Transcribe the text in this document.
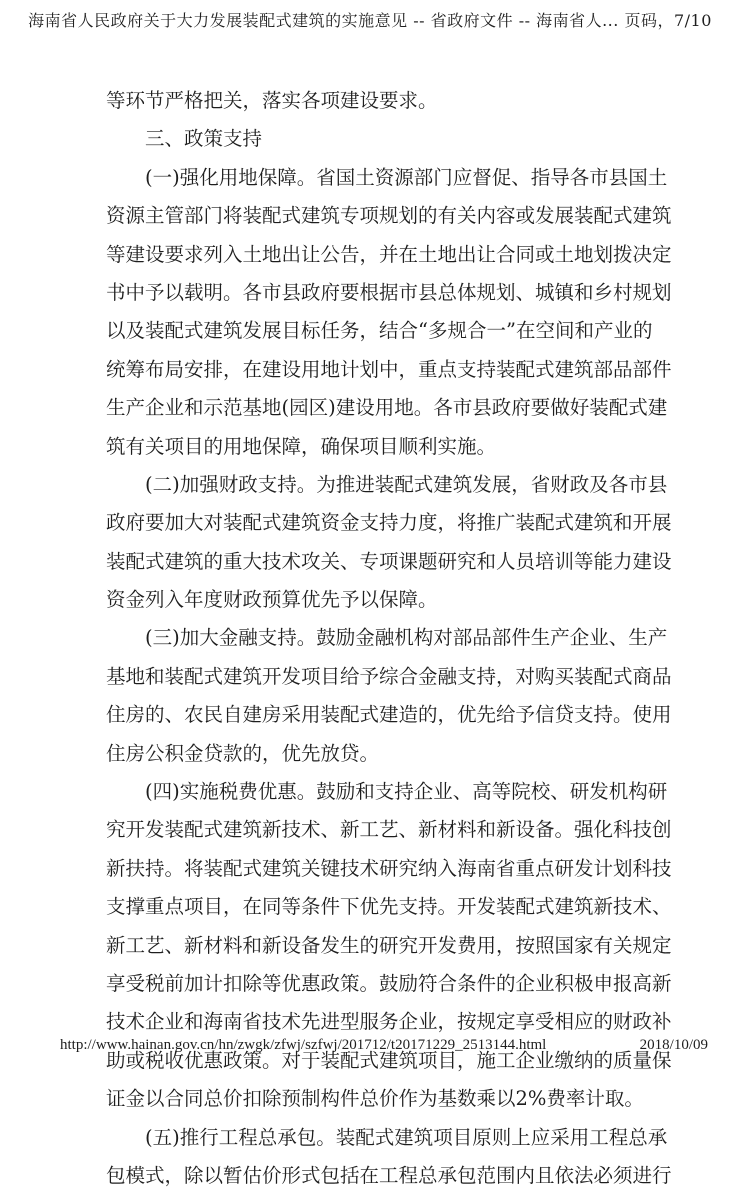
海南省人民政府关于大力发展装配式建筑的实施意见 -- 省政府文件 -- 海南省人... 页码，7/10
等环节严格把关，落实各项建设要求。
三、政策支持
(一)强化用地保障。省国土资源部门应督促、指导各市县国土
资源主管部门将装配式建筑专项规划的有关内容或发展装配式建筑
等建设要求列入土地出让公告，并在土地出让合同或土地划拨决定
书中予以载明。各市县政府要根据市县总体规划、城镇和乡村规划
以及装配式建筑发展目标任务，结合“多规合一”在空间和产业的
统筹布局安排，在建设用地计划中，重点支持装配式建筑部品部件
生产企业和示范基地(园区)建设用地。各市县政府要做好装配式建
筑有关项目的用地保障，确保项目顺利实施。
(二)加强财政支持。为推进装配式建筑发展，省财政及各市县
政府要加大对装配式建筑资金支持力度，将推广装配式建筑和开展
装配式建筑的重大技术攻关、专项课题研究和人员培训等能力建设
资金列入年度财政预算优先予以保障。
(三)加大金融支持。鼓励金融机构对部品部件生产企业、生产
基地和装配式建筑开发项目给予综合金融支持，对购买装配式商品
住房的、农民自建房采用装配式建造的，优先给予信贷支持。使用
住房公积金贷款的，优先放贷。
(四)实施税费优惠。鼓励和支持企业、高等院校、研发机构研
究开发装配式建筑新技术、新工艺、新材料和新设备。强化科技创
新扶持。将装配式建筑关键技术研究纳入海南省重点研发计划科技
支撑重点项目，在同等条件下优先支持。开发装配式建筑新技术、
新工艺、新材料和新设备发生的研究开发费用，按照国家有关规定
享受税前加计扣除等优惠政策。鼓励符合条件的企业积极申报高新
技术企业和海南省技术先进型服务企业，按规定享受相应的财政补
助或税收优惠政策。对于装配式建筑项目，施工企业缴纳的质量保
证金以合同总价扣除预制构件总价作为基数乘以2%费率计取。
(五)推行工程总承包。装配式建筑项目原则上应采用工程总承
包模式，除以暂估价形式包括在工程总承包范围内且依法必须进行
http://www.hainan.gov.cn/hn/zwgk/zfwj/szfwj/201712/t20171229_2513144.html	2018/10/09
